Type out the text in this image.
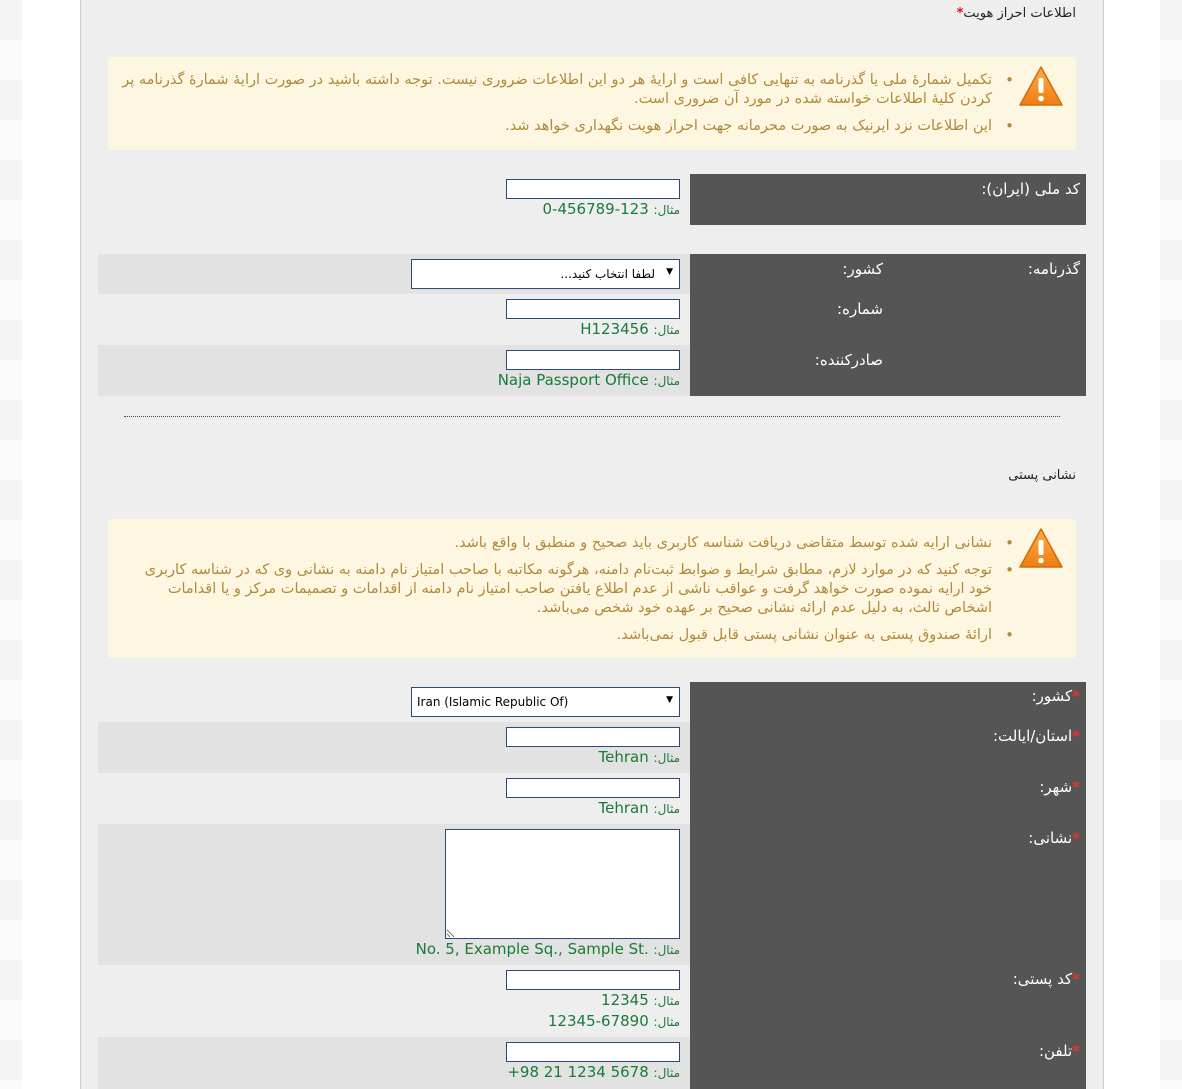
اطلاعات احراز هویت*
• تکمیل شمارهٔ ملی یا گذرنامه به تنهایی کافی است و ارایهٔ هر دو این اطلاعات ضروری نیست. توجه داشته باشید در صورت ارایهٔ شمارهٔ گذرنامه پر کردن کلیهٔ اطلاعات خواسته شده در مورد آن ضروری است.
• این اطلاعات نزد ایرنیک به صورت محرمانه جهت احراز هویت نگهداری خواهد شد.
کد ملی (ایران):
مثال: 0-456789-123
گذرنامه:
کشور:
شماره:
صادرکننده:
لطفا انتخاب کنید... ▼
مثال: H123456
مثال: Naja Passport Office
نشانی پستی
• نشانی ارایه شده توسط متقاضی دریافت شناسه کاربری باید صحیح و منطبق با واقع باشد.
• توجه کنید که در موارد لازم، مطابق شرایط و ضوابط ثبت‌نام دامنه، هرگونه مکاتبه با صاحب امتیاز نام دامنه به نشانی وی که در شناسه کاربری خود ارایه نموده صورت خواهد گرفت و عواقب ناشی از عدم اطلاع یافتن صاحب امتیاز نام دامنه از اقدامات و تصمیمات مرکز و یا اقدامات اشخاص ثالث، به دلیل عدم ارائه نشانی صحیح بر عهده خود شخص می‌باشد.
• ارائهٔ صندوق پستی به عنوان نشانی پستی قابل قبول نمی‌باشد.
*کشور:
*استان/ایالت:
*شهر:
*نشانی:
*کد پستی:
*تلفن:
Iran (Islamic Republic Of)	▼
مثال: Tehran
مثال: Tehran
مثال: No. 5, Example Sq., Sample St.
مثال: 12345
مثال: 12345-67890
مثال: +98 21 1234 5678
